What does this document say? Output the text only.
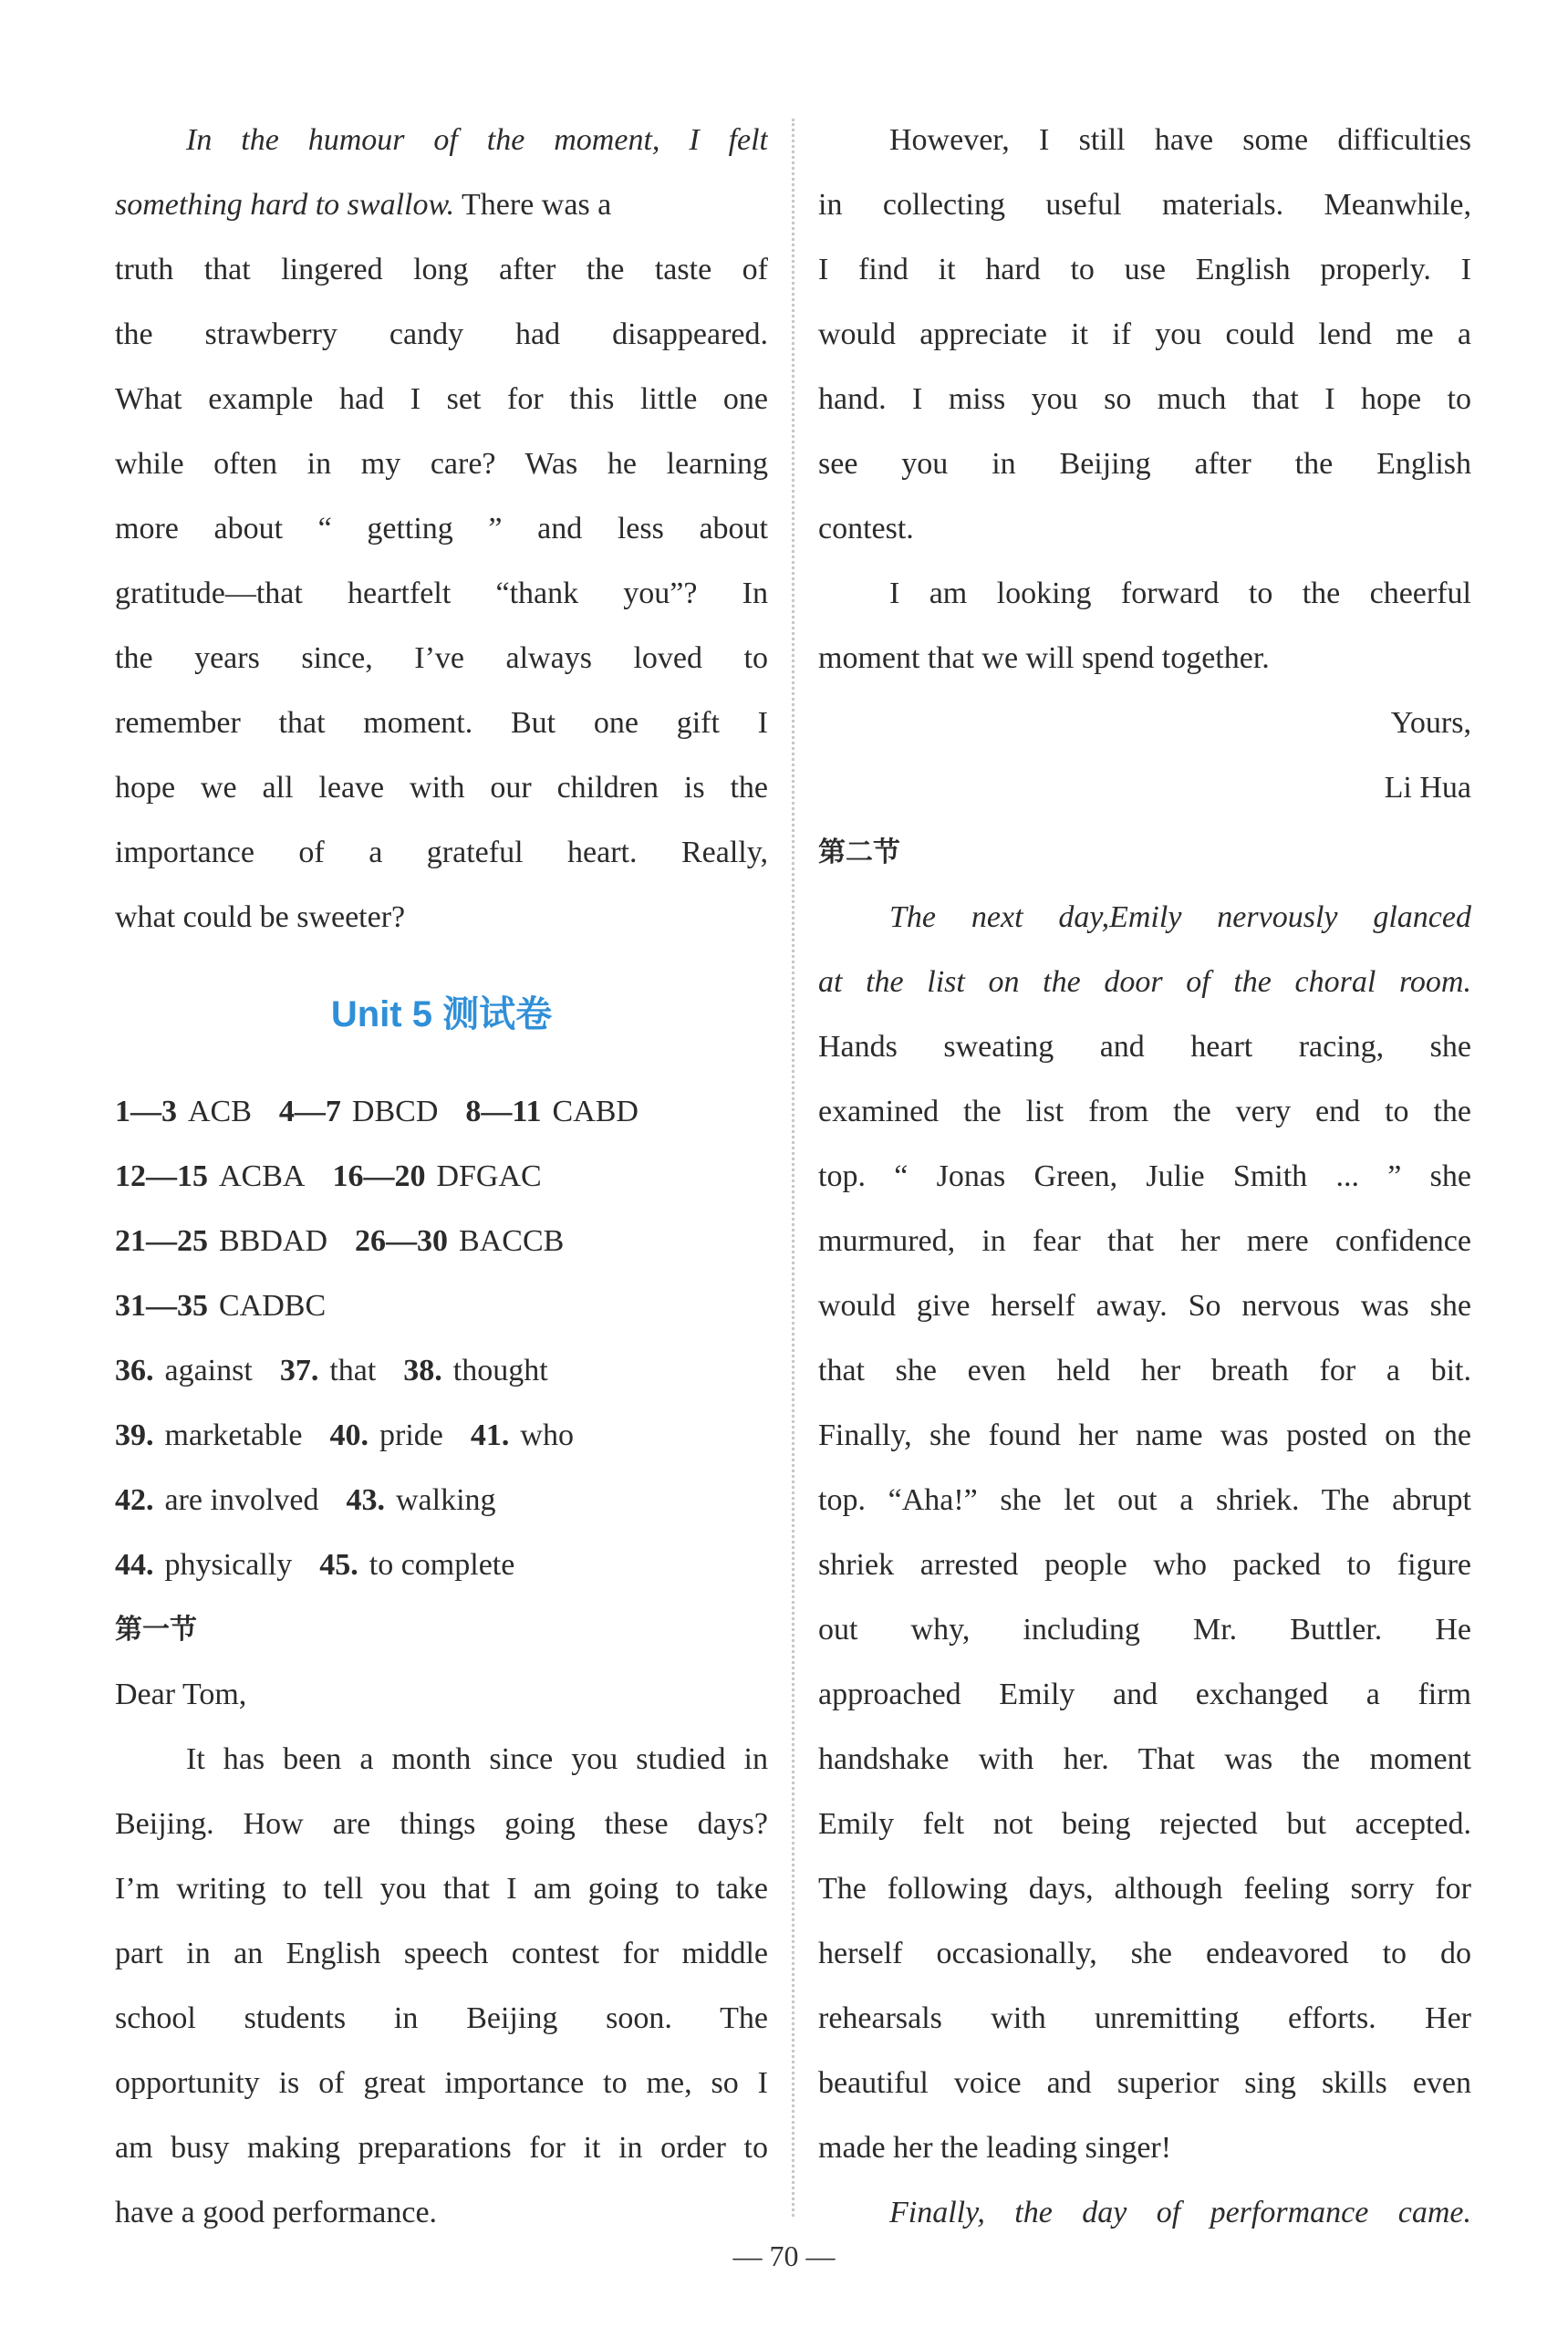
In the humour of the moment, I felt
something hard to swallow. There was a
truth that lingered long after the taste of
the strawberry candy had disappeared.
What example had I set for this little one
while often in my care? Was he learning
more about “ getting ” and less about
gratitude—that heartfelt “thank you”? In
the years since, I’ve always loved to
remember that moment. But one gift I
hope we all leave with our children is the
importance of a grateful heart. Really,
what could be sweeter?
Unit 5 测试卷
1—3 ACB 4—7 DBCD 8—11 CABD
12—15 ACBA 16—20 DFGAC
21—25 BBDAD 26—30 BACCB
31—35 CADBC
36. against 37. that 38. thought
39. marketable 40. pride 41. who
42. are involved 43. walking
44. physically 45. to complete
第一节
Dear Tom,
It has been a month since you studied in
Beijing. How are things going these days?
I’m writing to tell you that I am going to take
part in an English speech contest for middle
school students in Beijing soon. The
opportunity is of great importance to me, so I
am busy making preparations for it in order to
have a good performance.
However, I still have some difficulties
in collecting useful materials. Meanwhile,
I find it hard to use English properly. I
would appreciate it if you could lend me a
hand. I miss you so much that I hope to
see you in Beijing after the English
contest.
I am looking forward to the cheerful
moment that we will spend together.
Yours,
Li Hua
第二节
The next day,Emily nervously glanced
at the list on the door of the choral room.
Hands sweating and heart racing, she
examined the list from the very end to the
top. “ Jonas Green, Julie Smith ... ” she
murmured, in fear that her mere confidence
would give herself away. So nervous was she
that she even held her breath for a bit.
Finally, she found her name was posted on the
top. “Aha!” she let out a shriek. The abrupt
shriek arrested people who packed to figure
out why, including Mr. Buttler. He
approached Emily and exchanged a firm
handshake with her. That was the moment
Emily felt not being rejected but accepted.
The following days, although feeling sorry for
herself occasionally, she endeavored to do
rehearsals with unremitting efforts. Her
beautiful voice and superior sing skills even
made her the leading singer!
Finally, the day of performance came.
— 70 —
